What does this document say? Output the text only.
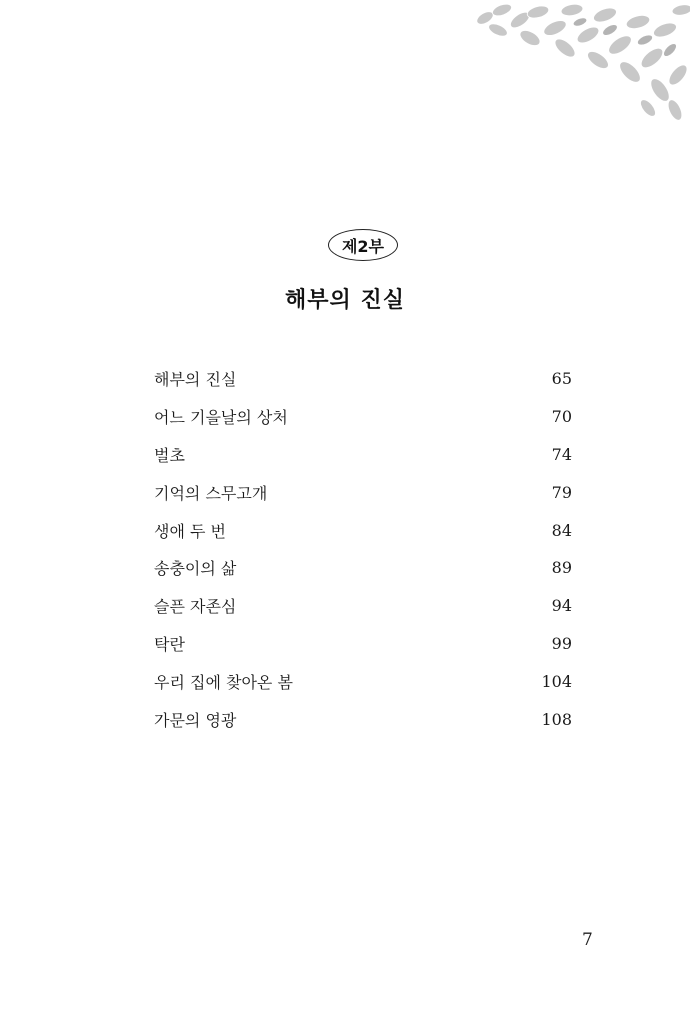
제2부
해부의 진실
해부의 진실	65
어느 기을날의 상처	70
벌초	74
기억의 스무고개	79
생애 두 번	84
송충이의 삶	89
슬픈 자존심	94
탁란	99
우리 집에 찾아온 봄	104
가문의 영광	108
7
